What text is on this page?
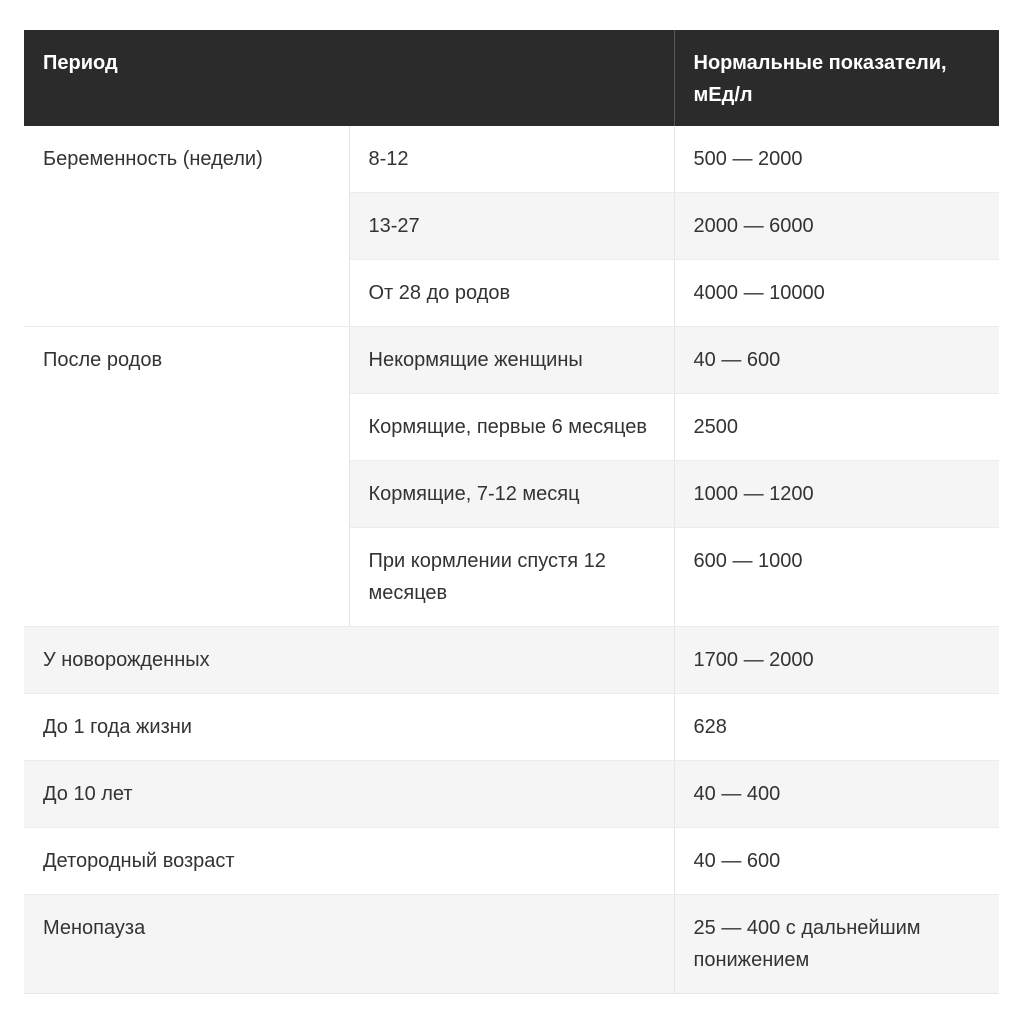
Период		Нормальные показатели, мЕд/л
Беременность (недели)	8-12	500 — 2000
	13-27	2000 — 6000
	От 28 до родов	4000 — 10000
После родов	Некормящие женщины	40 — 600
	Кормящие, первые 6 месяцев	2500
	Кормящие, 7-12 месяц	1000 — 1200
	При кормлении спустя 12 месяцев	600 — 1000
У новорожденных		1700 — 2000
До 1 года жизни		628
До 10 лет		40 — 400
Детородный возраст		40 — 600
Менопауза		25 — 400 с дальнейшим понижением
